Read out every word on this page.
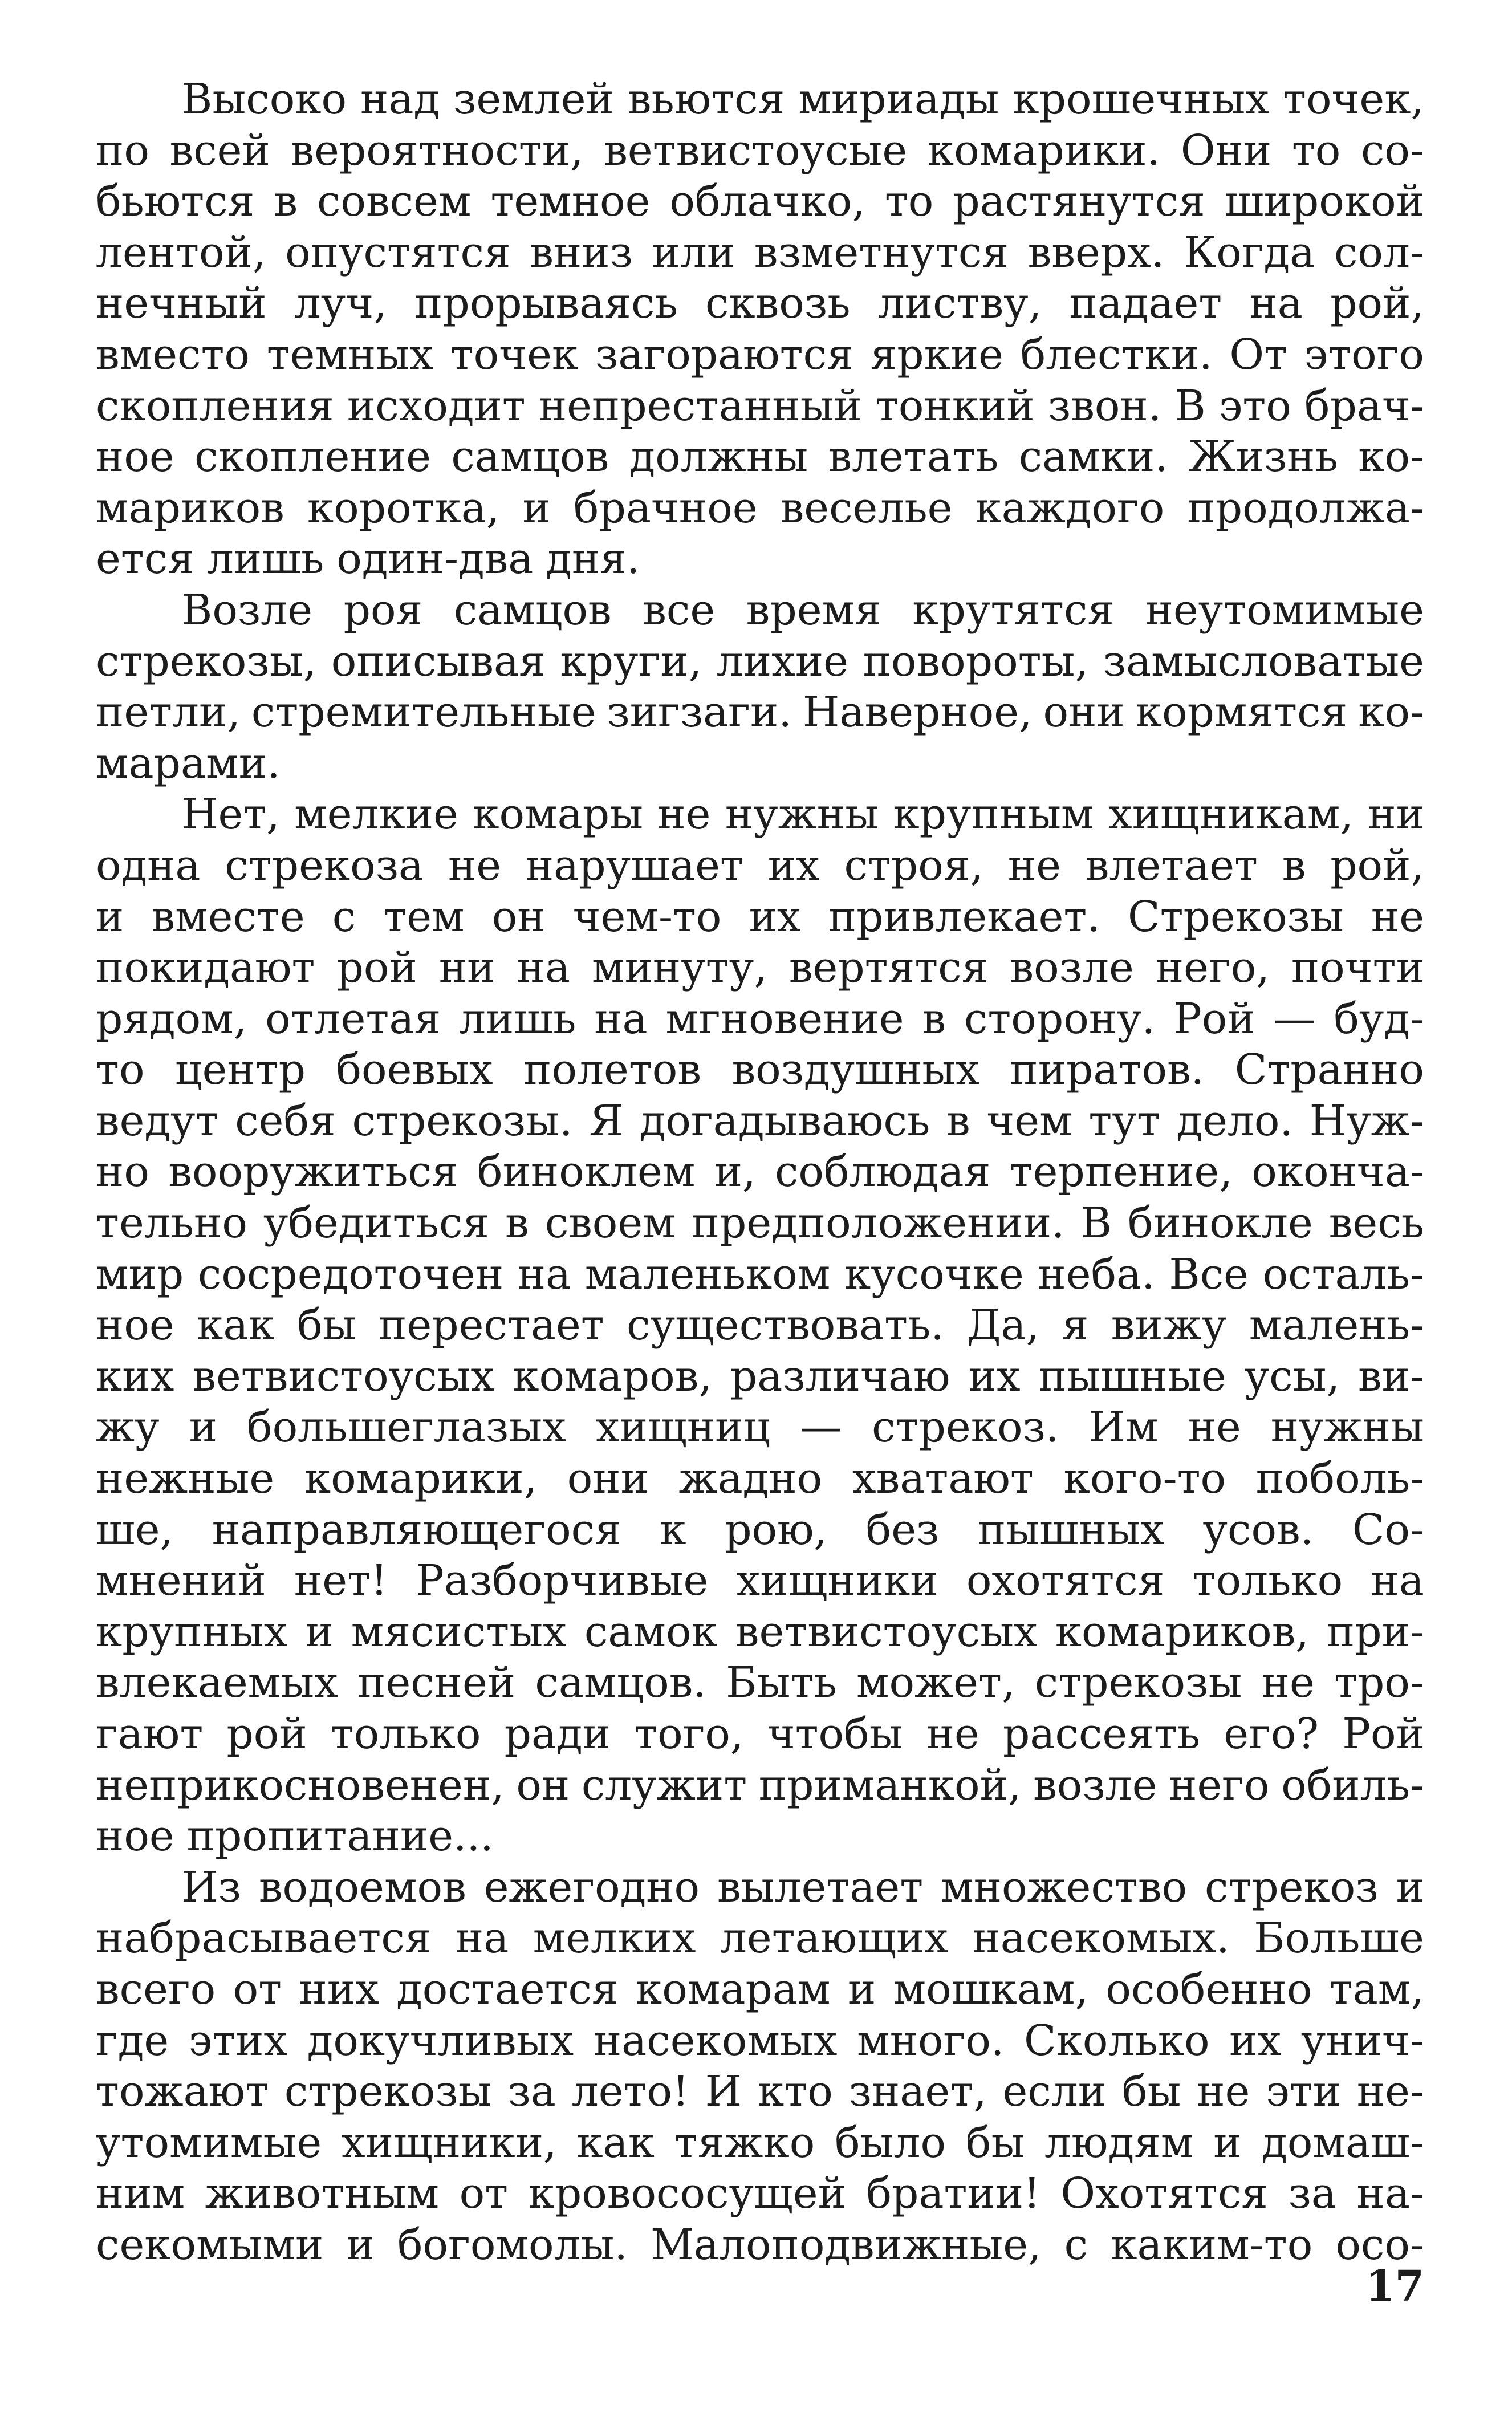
Высоко над землей вьются мириады крошечных точек,
по всей вероятности, ветвистоусые комарики. Они то со-
бьются в совсем темное облачко, то растянутся широкой
лентой, опустятся вниз или взметнутся вверх. Когда сол-
нечный луч, прорываясь сквозь листву, падает на рой,
вместо темных точек загораются яркие блестки. От этого
скопления исходит непрестанный тонкий звон. В это брач-
ное скопление самцов должны влетать самки. Жизнь ко-
мариков коротка, и брачное веселье каждого продолжа-
ется лишь один-два дня.
Возле роя самцов все время крутятся неутомимые
стрекозы, описывая круги, лихие повороты, замысловатые
петли, стремительные зигзаги. Наверное, они кормятся ко-
марами.
Нет, мелкие комары не нужны крупным хищникам, ни
одна стрекоза не нарушает их строя, не влетает в рой,
и вместе с тем он чем-то их привлекает. Стрекозы не
покидают рой ни на минуту, вертятся возле него, почти
рядом, отлетая лишь на мгновение в сторону. Рой — буд-
то центр боевых полетов воздушных пиратов. Странно
ведут себя стрекозы. Я догадываюсь в чем тут дело. Нуж-
но вооружиться биноклем и, соблюдая терпение, оконча-
тельно убедиться в своем предположении. В бинокле весь
мир сосредоточен на маленьком кусочке неба. Все осталь-
ное как бы перестает существовать. Да, я вижу малень-
ких ветвистоусых комаров, различаю их пышные усы, ви-
жу и большеглазых хищниц — стрекоз. Им не нужны
нежные комарики, они жадно хватают кого-то поболь-
ше, направляющегося к рою, без пышных усов. Со-
мнений нет! Разборчивые хищники охотятся только на
крупных и мясистых самок ветвистоусых комариков, при-
влекаемых песней самцов. Быть может, стрекозы не тро-
гают рой только ради того, чтобы не рассеять его? Рой
неприкосновенен, он служит приманкой, возле него обиль-
ное пропитание...
Из водоемов ежегодно вылетает множество стрекоз и
набрасывается на мелких летающих насекомых. Больше
всего от них достается комарам и мошкам, особенно там,
где этих докучливых насекомых много. Сколько их унич-
тожают стрекозы за лето! И кто знает, если бы не эти не-
утомимые хищники, как тяжко было бы людям и домаш-
ним животным от кровососущей братии! Охотятся за на-
секомыми и богомолы. Малоподвижные, с каким-то осо-
17
